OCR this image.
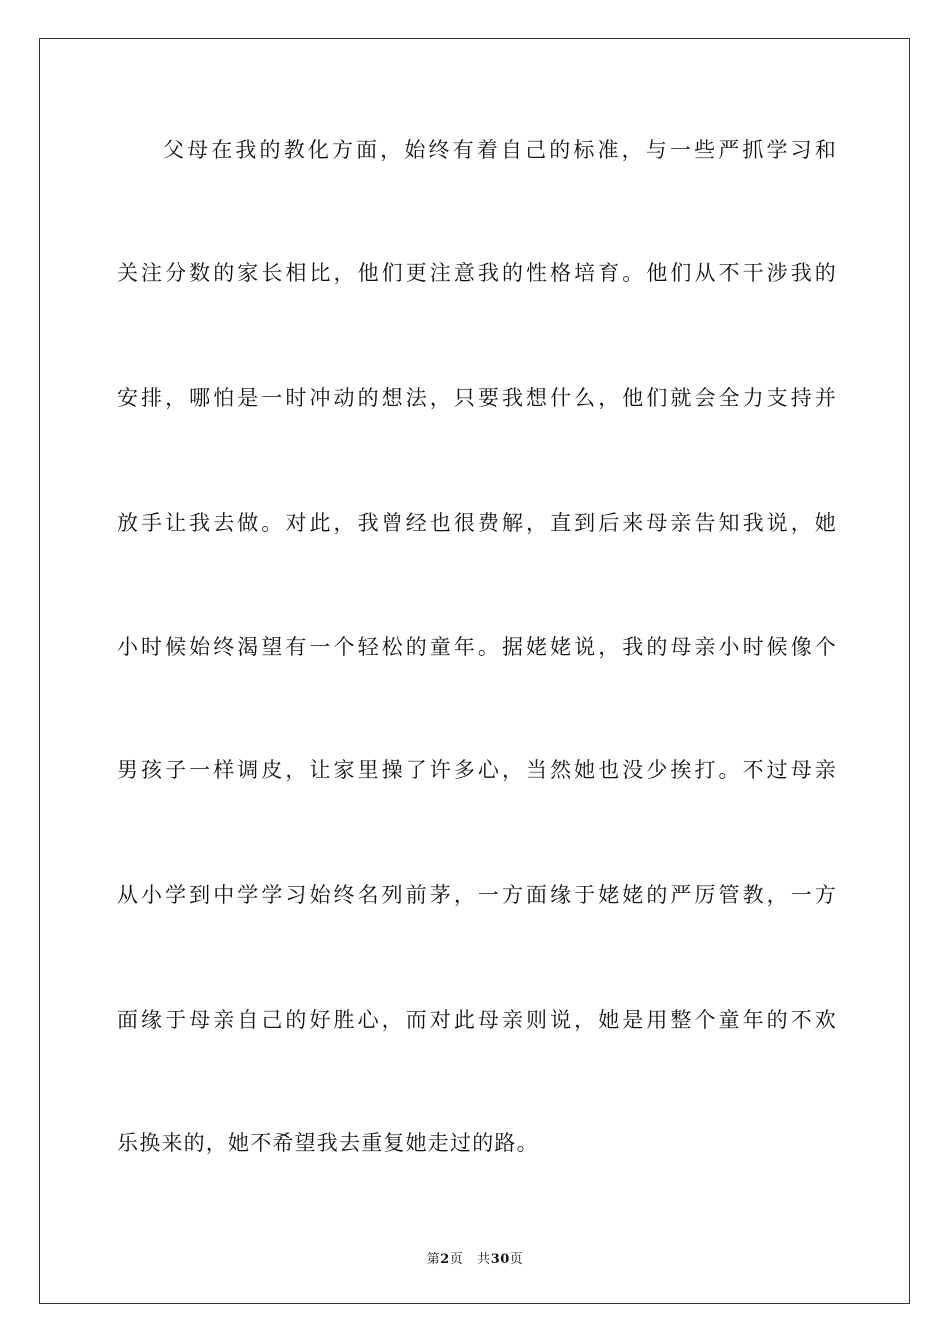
父母在我的教化方面，始终有着自己的标准，与一些严抓学习和
关注分数的家长相比，他们更注意我的性格培育。他们从不干涉我的
安排，哪怕是一时冲动的想法，只要我想什么，他们就会全力支持并
放手让我去做。对此，我曾经也很费解，直到后来母亲告知我说，她
小时候始终渴望有一个轻松的童年。据姥姥说，我的母亲小时候像个
男孩子一样调皮，让家里操了许多心，当然她也没少挨打。不过母亲
从小学到中学学习始终名列前茅，一方面缘于姥姥的严厉管教，一方
面缘于母亲自己的好胜心，而对此母亲则说，她是用整个童年的不欢
乐换来的，她不希望我去重复她走过的路。
第2页 共30页
